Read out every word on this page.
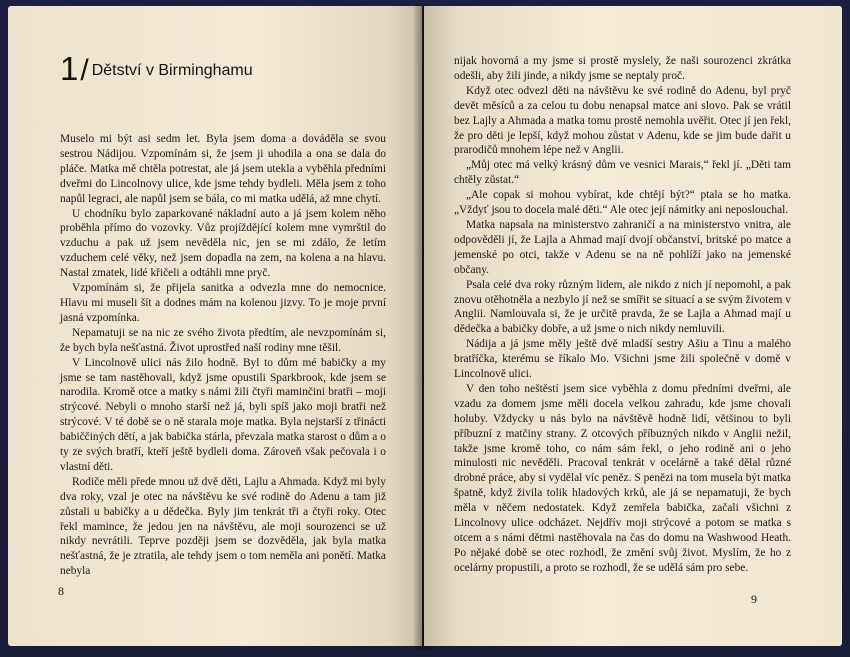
1/ Dětství v Birminghamu

Muselo mi být asi sedm let. Byla jsem doma a dováděla se svou sestrou Nádijou. Vzpomínám si, že jsem ji uhodila a ona se dala do pláče. Matka mě chtěla potrestat, ale já jsem utekla a vyběhla předními dveřmi do Lincolnovy ulice, kde jsme tehdy bydleli. Měla jsem z toho napůl legraci, ale napůl jsem se bála, co mi matka udělá, až mne chytí.

U chodníku bylo zaparkované nákladní auto a já jsem kolem něho proběhla přímo do vozovky. Vůz projíždějící kolem mne vymrštil do vzduchu a pak už jsem nevěděla nic, jen se mi zdálo, že letím vzduchem celé věky, než jsem dopadla na zem, na kolena a na hlavu. Nastal zmatek, lidé křičeli a odtáhli mne pryč.

Vzpomínám si, že přijela sanitka a odvezla mne do nemocnice. Hlavu mi museli šít a dodnes mám na kolenou jizvy. To je moje první jasná vzpomínka.

Nepamatuji se na nic ze svého života předtím, ale nevzpomínám si, že bych byla nešťastná. Život uprostřed naší rodiny mne těšil.

V Lincolnově ulici nás žilo hodně. Byl to dům mé babičky a my jsme se tam nastěhovali, když jsme opustili Sparkbrook, kde jsem se narodila. Kromě otce a matky s námi žili čtyři maminčini bratři – moji strýcové. Nebyli o mnoho starší než já, byli spíš jako moji bratři než strýcové. V té době se o ně starala moje matka. Byla nejstarší z třinácti babiččiných dětí, a jak babička stárla, převzala matka starost o dům a o ty ze svých bratří, kteří ještě bydleli doma. Zároveň však pečovala i o vlastní děti.

Rodiče měli přede mnou už dvě děti, Lajlu a Ahmada. Když mi byly dva roky, vzal je otec na návštěvu ke své rodině do Adenu a tam již zůstali u babičky a u dědečka. Byly jim tenkrát tři a čtyři roky. Otec řekl mamince, že jedou jen na návštěvu, ale moji sourozenci se už nikdy nevrátili. Teprve později jsem se dozvěděla, jak byla matka nešťastná, že je ztratila, ale tehdy jsem o tom neměla ani ponětí. Matka nebyla

8

nijak hovorná a my jsme si prostě myslely, že naši sourozenci zkrátka odešli, aby žili jinde, a nikdy jsme se neptaly proč.

Když otec odvezl děti na návštěvu ke své rodině do Adenu, byl pryč devět měsíců a za celou tu dobu nenapsal matce ani slovo. Pak se vrátil bez Lajly a Ahmada a matka tomu prostě nemohla uvěřit. Otec jí jen řekl, že pro děti je lepší, když mohou zůstat v Adenu, kde se jim bude dařit u prarodičů mnohem lépe než v Anglii.

„Můj otec má velký krásný dům ve vesnici Marais,“ řekl jí. „Děti tam chtěly zůstat.“

„Ale copak si mohou vybírat, kde chtějí být?“ ptala se ho matka. „Vždyť jsou to docela malé děti.“ Ale otec její námitky ani neposlouchal.

Matka napsala na ministerstvo zahraničí a na ministerstvo vnitra, ale odpověděli jí, že Lajla a Ahmad mají dvojí občanství, britské po matce a jemenské po otci, takže v Adenu se na ně pohlíží jako na jemenské občany.

Psala celé dva roky různým lidem, ale nikdo z nich jí nepomohl, a pak znovu otěhotněla a nezbylo jí než se smířit se situací a se svým životem v Anglii. Namlouvala si, že je určitě pravda, že se Lajla a Ahmad mají u dědečka a babičky dobře, a už jsme o nich nikdy nemluvili.

Nádija a já jsme měly ještě dvě mladší sestry Ašiu a Tinu a malého bratříčka, kterému se říkalo Mo. Všichni jsme žili společně v domě v Lincolnově ulici.

V den toho neštěstí jsem sice vyběhla z domu předními dveřmi, ale vzadu za domem jsme měli docela velkou zahradu, kde jsme chovali holuby. Vždycky u nás bylo na návštěvě hodně lidí, většinou to byli příbuzní z matčiny strany. Z otcových příbuzných nikdo v Anglii nežil, takže jsme kromě toho, co nám sám řekl, o jeho rodině ani o jeho minulosti nic nevěděli. Pracoval tenkrát v ocelárně a také dělal různé drobné práce, aby si vydělal víc peněz. S penězi na tom musela být matka špatně, když živila tolik hladových krků, ale já se nepamatuji, že bych měla v něčem nedostatek. Když zemřela babička, začali všichni z Lincolnovy ulice odcházet. Nejdřív moji strýcové a potom se matka s otcem a s námi dětmi nastěhovala na čas do domu na Washwood Heath. Po nějaké době se otec rozhodl, že změní svůj život. Myslím, že ho z ocelárny propustili, a proto se rozhodl, že se udělá sám pro sebe.

9
